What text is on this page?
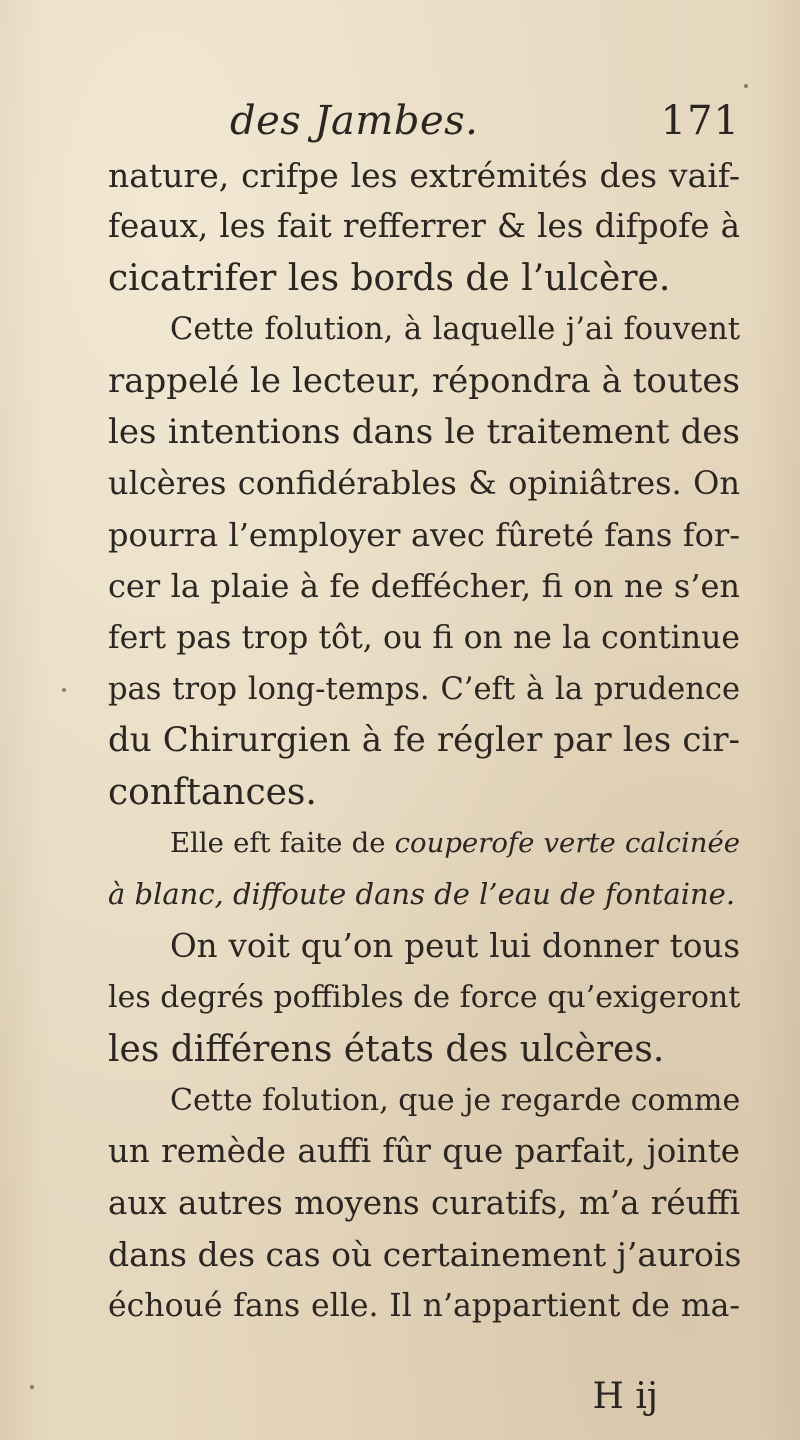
des Jambes.	171
nature, crifpe les extrémités des vaif-
feaux, les fait refferrer & les difpofe à
cicatrifer les bords de l’ulcère.
Cette folution, à laquelle j’ai fouvent
rappelé le lecteur, répondra à toutes
les intentions dans le traitement des
ulcères confidérables & opiniâtres. On
pourra l’employer avec fûreté fans for-
cer la plaie à fe deffécher, fi on ne s’en
fert pas trop tôt, ou fi on ne la continue
pas trop long-temps. C’eft à la prudence
du Chirurgien à fe régler par les cir-
conftances.
Elle eft faite de couperofe verte calcinée
à blanc, diffoute dans de l’eau de fontaine.
On voit qu’on peut lui donner tous
les degrés poffibles de force qu’exigeront
les différens états des ulcères.
Cette folution, que je regarde comme
un remède auffi fûr que parfait, jointe
aux autres moyens curatifs, m’a réuffi
dans des cas où certainement j’aurois
échoué fans elle. Il n’appartient de ma-
H ij
